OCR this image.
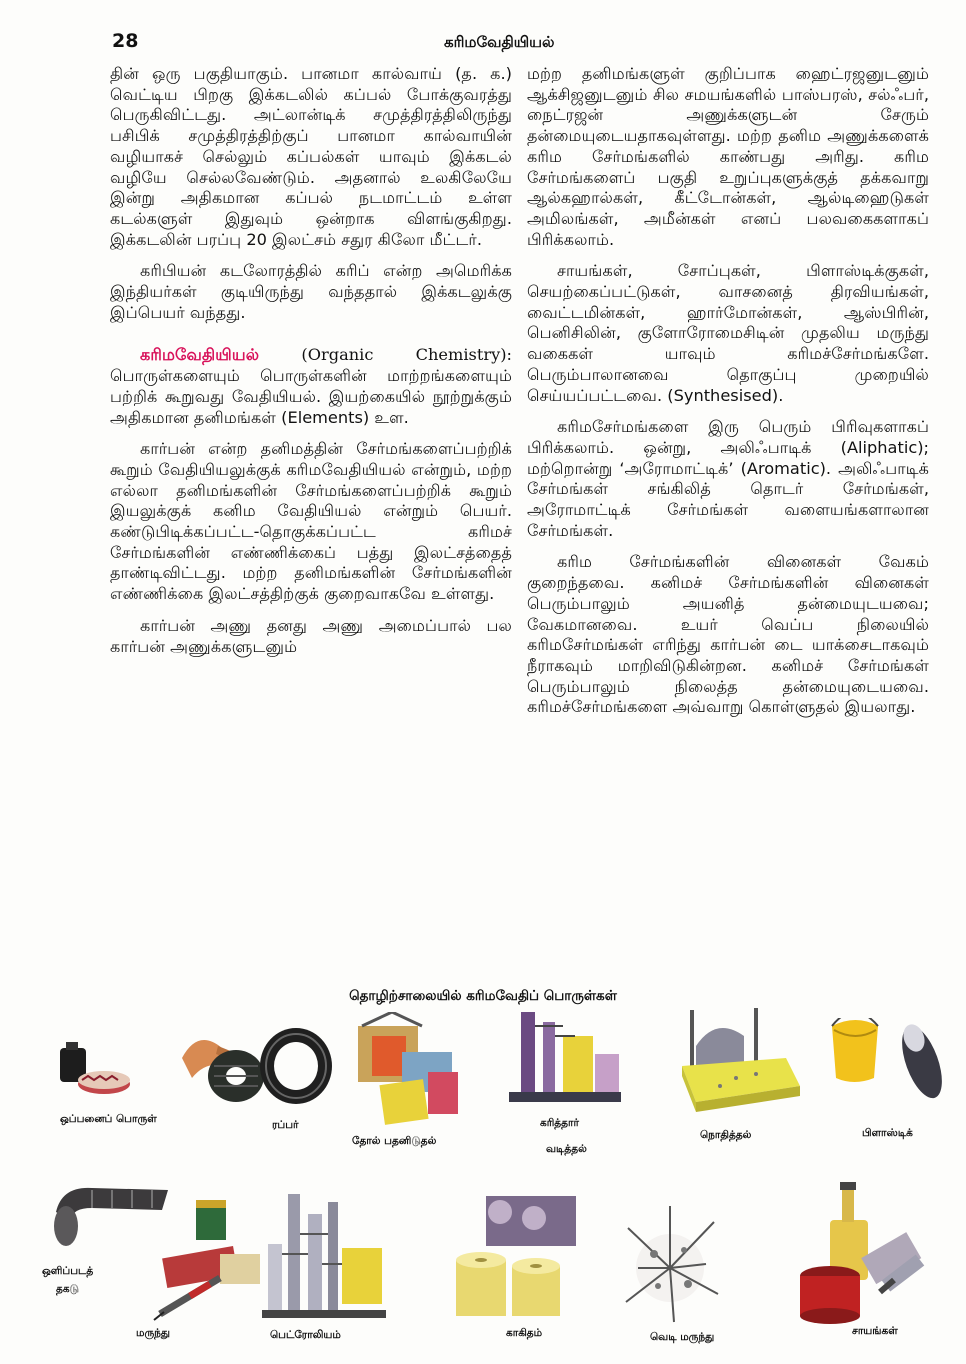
28	கரிமவேதியியல்

தின் ஒரு பகுதியாகும். பானமா கால்வாய் (த. க.) வெட்டிய பிறகு இக்கடலில் கப்பல் போக்குவரத்து பெருகிவிட்டது. அட்லான்டிக் சமுத்திரத்திலிருந்து பசிபிக் சமுத்திரத்திற்குப் பானமா கால்வாயின் வழியாகச் செல்லும் கப்பல்கள் யாவும் இக்கடல் வழியே செல்லவேண்டும். அதனால் உலகிலேயே இன்று அதிகமான கப்பல் நடமாட்டம் உள்ள கடல்களுள் இதுவும் ஒன்றாக விளங்குகிறது. இக்கடலின் பரப்பு 20 இலட்சம் சதுர கிலோ மீட்டர்.

கரிபியன் கடலோரத்தில் கரிப் என்ற அமெரிக்க இந்தியர்கள் குடியிருந்து வந்ததால் இக்கடலுக்கு இப்பெயர் வந்தது.

கரிமவேதியியல் (Organic Chemistry): பொருள்களையும் பொருள்களின் மாற்றங்களையும் பற்றிக் கூறுவது வேதியியல். இயற்கையில் நூற்றுக்கும் அதிகமான தனிமங்கள் (Elements) உள.

கார்பன் என்ற தனிமத்தின் சேர்மங்களைப்பற்றிக் கூறும் வேதியியலுக்குக் கரிமவேதியியல் என்றும், மற்ற எல்லா தனிமங்களின் சேர்மங்களைப்பற்றிக் கூறும் இயலுக்குக் கனிம வேதியியல் என்றும் பெயர். கண்டுபிடிக்கப்பட்ட-தொகுக்கப்பட்ட கரிமச் சேர்மங்களின் எண்ணிக்கைப் பத்து இலட்சத்தைத் தாண்டிவிட்டது. மற்ற தனிமங்களின் சேர்மங்களின் எண்ணிக்கை இலட்சத்திற்குக் குறைவாகவே உள்ளது.

கார்பன் அணு தனது அணு அமைப்பால் பல கார்பன் அணுக்களுடனும்

மற்ற தனிமங்களுள் குறிப்பாக ஹைட்ரஜனுடனும் ஆக்சிஜனுடனும் சில சமயங்களில் பாஸ்பரஸ், சல்ஃபர், நைட்ரஜன் அணுக்களுடன் சேரும் தன்மையுடையதாகவுள்ளது. மற்ற தனிம அணுக்களைக் கரிம சேர்மங்களில் காண்பது அரிது. கரிம சேர்மங்களைப் பகுதி உறுப்புகளுக்குத் தக்கவாறு ஆல்கஹால்கள், கீட்டோன்கள், ஆல்டிஹைடுகள் அமிலங்கள், அமீன்கள் எனப் பலவகைகளாகப் பிரிக்கலாம்.

சாயங்கள், சோப்புகள், பிளாஸ்டிக்குகள், செயற்கைப்பட்டுகள், வாசனைத் திரவியங்கள், வைட்டமின்கள், ஹார்மோன்கள், ஆஸ்பிரின், பெனிசிலின், குளோரோமைசிடின் முதலிய மருந்து வகைகள் யாவும் கரிமச்சேர்மங்களே. பெரும்பாலானவை தொகுப்பு முறையில் செய்யப்பட்டவை. (Synthesised).

கரிமசேர்மங்களை இரு பெரும் பிரிவுகளாகப் பிரிக்கலாம். ஒன்று, அலிஃபாடிக் (Aliphatic); மற்றொன்று ‘அரோமாட்டிக்’ (Aromatic). அலிஃபாடிக் சேர்மங்கள் சங்கிலித் தொடர் சேர்மங்கள், அரோமாட்டிக் சேர்மங்கள் வளையங்களாலான சேர்மங்கள்.

கரிம சேர்மங்களின் வினைகள் வேகம் குறைந்தவை. கனிமச் சேர்மங்களின் வினைகள் பெரும்பாலும் அயனித் தன்மையுடயவை; வேகமானவை. உயர் வெப்ப நிலையில் கரிமசேர்மங்கள் எரிந்து கார்பன் டை யாக்சைடாகவும் நீராகவும் மாறிவிடுகின்றன. கனிமச் சேர்மங்கள் பெரும்பாலும் நிலைத்த தன்மையுடையவை. கரிமச்சேர்மங்களை அவ்வாறு கொள்ளுதல் இயலாது.

தொழிற்சாலையில் கரிமவேதிப் பொருள்கள்
ஒப்பனைப் பொருள்	ரப்பர்
தோல் பதனிடுதல்
கரித்தார்
வடித்தல்
நொதித்தல்	பிளாஸ்டிக்
ஒளிப்படத்
தகடு
மருந்து	பெட்ரோலியம்	காகிதம்	வெடி மருந்து	சாயங்கள்
